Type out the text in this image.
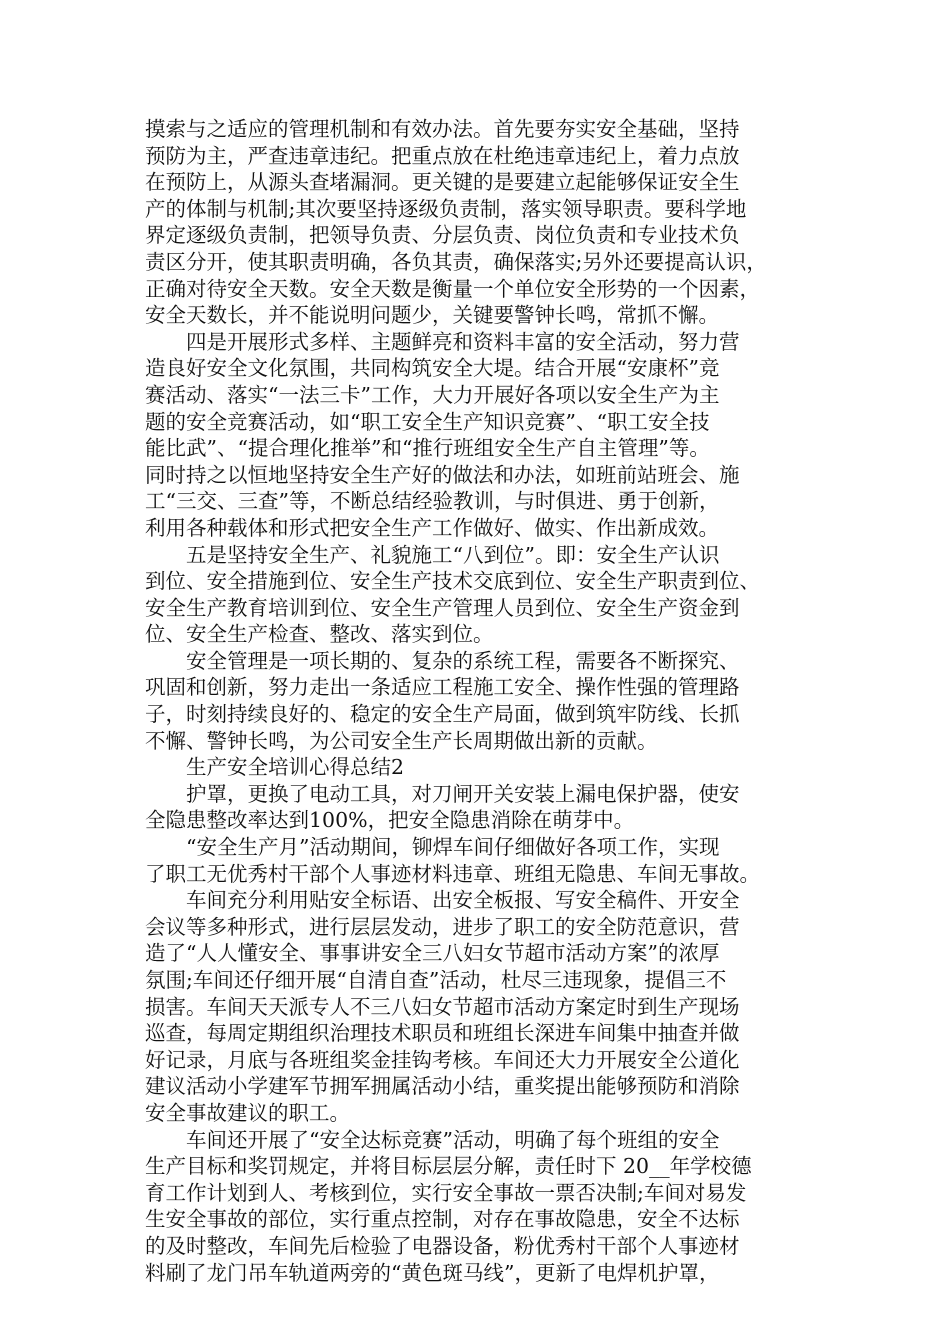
摸索与之适应的管理机制和有效办法。首先要夯实安全基础，坚持
预防为主，严查违章违纪。把重点放在杜绝违章违纪上，着力点放
在预防上，从源头查堵漏洞。更关键的是要建立起能够保证安全生
产的体制与机制;其次要坚持逐级负责制，落实领导职责。要科学地
界定逐级负责制，把领导负责、分层负责、岗位负责和专业技术负
责区分开，使其职责明确，各负其责，确保落实;另外还要提高认识，
正确对待安全天数。安全天数是衡量一个单位安全形势的一个因素，
安全天数长，并不能说明问题少，关键要警钟长鸣，常抓不懈。
四是开展形式多样、主题鲜亮和资料丰富的安全活动，努力营
造良好安全文化氛围，共同构筑安全大堤。结合开展“安康杯”竞
赛活动、落实“一法三卡”工作，大力开展好各项以安全生产为主
题的安全竞赛活动，如“职工安全生产知识竞赛”、“职工安全技
能比武”、“提合理化推举”和“推行班组安全生产自主管理”等。
同时持之以恒地坚持安全生产好的做法和办法，如班前站班会、施
工“三交、三查”等，不断总结经验教训，与时俱进、勇于创新，
利用各种载体和形式把安全生产工作做好、做实、作出新成效。
五是坚持安全生产、礼貌施工“八到位”。即：安全生产认识
到位、安全措施到位、安全生产技术交底到位、安全生产职责到位、
安全生产教育培训到位、安全生产管理人员到位、安全生产资金到
位、安全生产检查、整改、落实到位。
安全管理是一项长期的、复杂的系统工程，需要各不断探究、
巩固和创新，努力走出一条适应工程施工安全、操作性强的管理路
子，时刻持续良好的、稳定的安全生产局面，做到筑牢防线、长抓
不懈、警钟长鸣，为公司安全生产长周期做出新的贡献。
生产安全培训心得总结2
护罩，更换了电动工具，对刀闸开关安装上漏电保护器，使安
全隐患整改率达到100%，把安全隐患消除在萌芽中。
“安全生产月”活动期间，铆焊车间仔细做好各项工作，实现
了职工无优秀村干部个人事迹材料违章、班组无隐患、车间无事故。
车间充分利用贴安全标语、出安全板报、写安全稿件、开安全
会议等多种形式，进行层层发动，进步了职工的安全防范意识，营
造了“人人懂安全、事事讲安全三八妇女节超市活动方案”的浓厚
氛围;车间还仔细开展“自清自查”活动，杜尽三违现象，提倡三不
损害。车间天天派专人不三八妇女节超市活动方案定时到生产现场
巡查，每周定期组织治理技术职员和班组长深进车间集中抽查并做
好记录，月底与各班组奖金挂钩考核。车间还大力开展安全公道化
建议活动小学建军节拥军拥属活动小结，重奖提出能够预防和消除
安全事故建议的职工。
车间还开展了“安全达标竞赛”活动，明确了每个班组的安全
生产目标和奖罚规定，并将目标层层分解，责任时下 20__年学校德
育工作计划到人、考核到位，实行安全事故一票否决制;车间对易发
生安全事故的部位，实行重点控制，对存在事故隐患，安全不达标
的及时整改，车间先后检验了电器设备，粉优秀村干部个人事迹材
料刷了龙门吊车轨道两旁的“黄色斑马线”，更新了电焊机护罩，
